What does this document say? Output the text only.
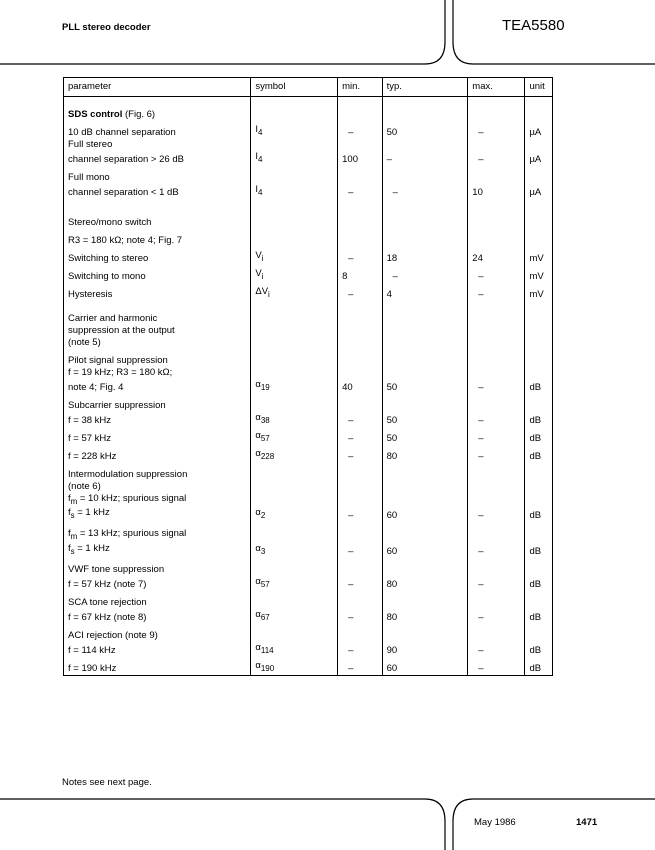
PLL stereo decoder	TEA5580
parameter	symbol	min.	typ.	max.	unit

SDS control (Fig. 6)					
10 dB channel separation	$I_4$	–	50	–	µA
Full stereo					
channel separation > 26 dB	$I_4$	100	–	–	µA

Full mono					
channel separation < 1 dB	$I_4$	–	–	10	µA

Stereo/mono switch					
R3 = 180 kΩ; note 4; Fig. 7					
Switching to stereo	$V_i$	–	18	24	mV
Switching to mono	$V_i$	8	–	–	mV
Hysteresis	$\Delta V_i$	–	4	–	mV

Carrier and harmonic					
suppression at the output					
(note 5)					

Pilot signal suppression					
f = 19 kHz; R3 = 180 kΩ;					
note 4; Fig. 4	$\alpha_{19}$	40	50	–	dB

Subcarrier suppression					
f = 38 kHz	$\alpha_{38}$	–	50	–	dB
f = 57 kHz	$\alpha_{57}$	–	50	–	dB
f = 228 kHz	$\alpha_{228}$	–	80	–	dB

Intermodulation suppression					
(note 6)					
$f_m = 10$ kHz; spurious signal					
$f_s = 1$ kHz	$\alpha_2$	–	60	–	dB

$f_m = 13$ kHz; spurious signal					
$f_s = 1$ kHz	$\alpha_3$	–	60	–	dB

VWF tone suppression					
f = 57 kHz (note 7)	$\alpha_{57}$	–	80	–	dB

SCA tone rejection					
f = 67 kHz (note 8)	$\alpha_{67}$	–	80	–	dB

ACI rejection (note 9)					
f = 114 kHz	$\alpha_{114}$	–	90	–	dB
f = 190 kHz	$\alpha_{190}$	–	60	–	dB
Notes see next page.
May 1986	1471
